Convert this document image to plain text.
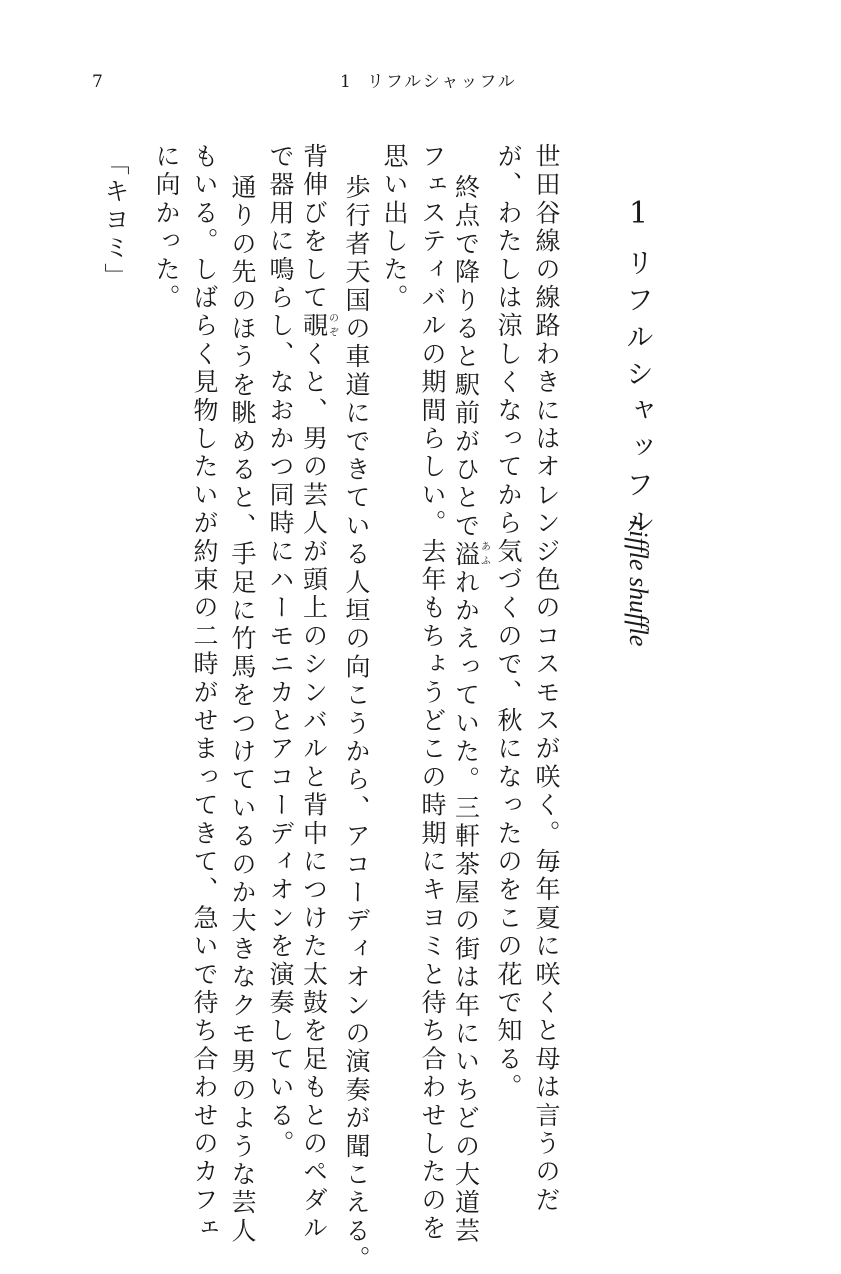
7	1 リフルシャッフル
1
リフルシャッフル
riffle shuffle
世田谷線の線路わきにはオレンジ色のコスモスが咲く。毎年夏に咲くと母は言うのだ
が、わたしは涼しくなってから気づくので、秋になったのをこの花で知る。
終点で降りると駅前がひとで溢あふれかえっていた。三軒茶屋の街は年にいちどの大道芸
フェスティバルの期間らしい。去年もちょうどこの時期にキヨミと待ち合わせしたのを
思い出した。
歩行者天国の車道にできている人垣の向こうから、アコーディオンの演奏が聞こえる。
背伸びをして覗のぞくと、男の芸人が頭上のシンバルと背中につけた太鼓を足もとのペダル
で器用に鳴らし、なおかつ同時にハーモニカとアコーディオンを演奏している。
通りの先のほうを眺めると、手足に竹馬をつけているのか大きなクモ男のような芸人
もいる。しばらく見物したいが約束の二時がせまってきて、急いで待ち合わせのカフェ
に向かった。
「キヨミ」
